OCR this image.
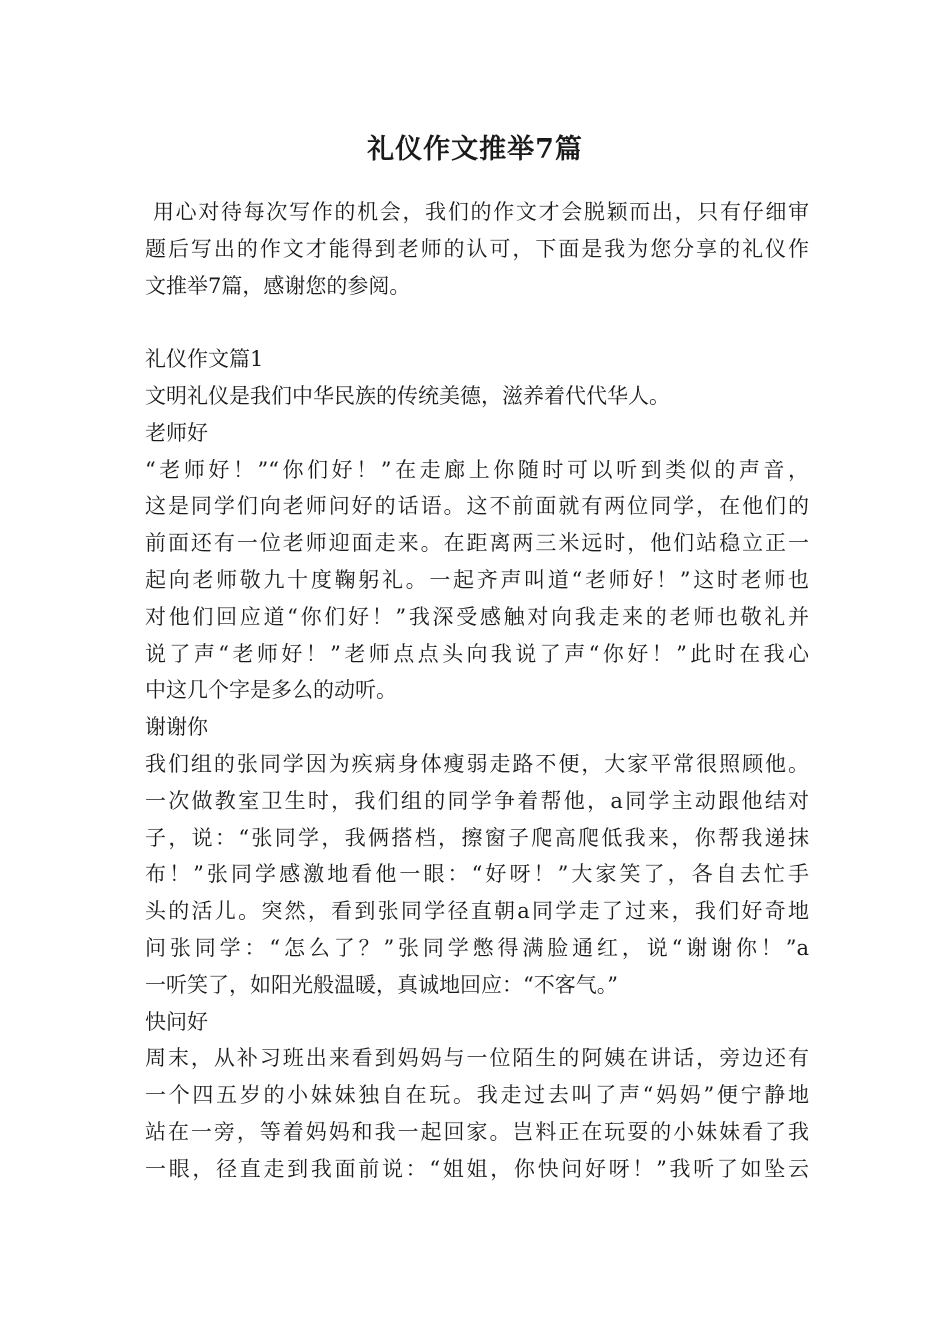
礼仪作文推举7篇
用心对待每次写作的机会，我们的作文才会脱颖而出，只有仔细审
题后写出的作文才能得到老师的认可，下面是我为您分享的礼仪作
文推举7篇，感谢您的参阅。
礼仪作文篇1
文明礼仪是我们中华民族的传统美德，滋养着代代华人。
老师好
“老师好！”“你们好！”在走廊上你随时可以听到类似的声音，
这是同学们向老师问好的话语。这不前面就有两位同学，在他们的
前面还有一位老师迎面走来。在距离两三米远时，他们站稳立正一
起向老师敬九十度鞠躬礼。一起齐声叫道“老师好！”这时老师也
对他们回应道“你们好！”我深受感触对向我走来的老师也敬礼并
说了声“老师好！”老师点点头向我说了声“你好！”此时在我心
中这几个字是多么的动听。
谢谢你
我们组的张同学因为疾病身体瘦弱走路不便，大家平常很照顾他。
一次做教室卫生时，我们组的同学争着帮他，a同学主动跟他结对
子，说：“张同学，我俩搭档，擦窗子爬高爬低我来，你帮我递抹
布！”张同学感激地看他一眼：“好呀！”大家笑了，各自去忙手
头的活儿。突然，看到张同学径直朝a同学走了过来，我们好奇地
问张同学：“怎么了？”张同学憋得满脸通红，说“谢谢你！”a
一听笑了，如阳光般温暖，真诚地回应：“不客气。”
快问好
周末，从补习班出来看到妈妈与一位陌生的阿姨在讲话，旁边还有
一个四五岁的小妹妹独自在玩。我走过去叫了声“妈妈”便宁静地
站在一旁，等着妈妈和我一起回家。岂料正在玩耍的小妹妹看了我
一眼，径直走到我面前说：“姐姐，你快问好呀！”我听了如坠云
